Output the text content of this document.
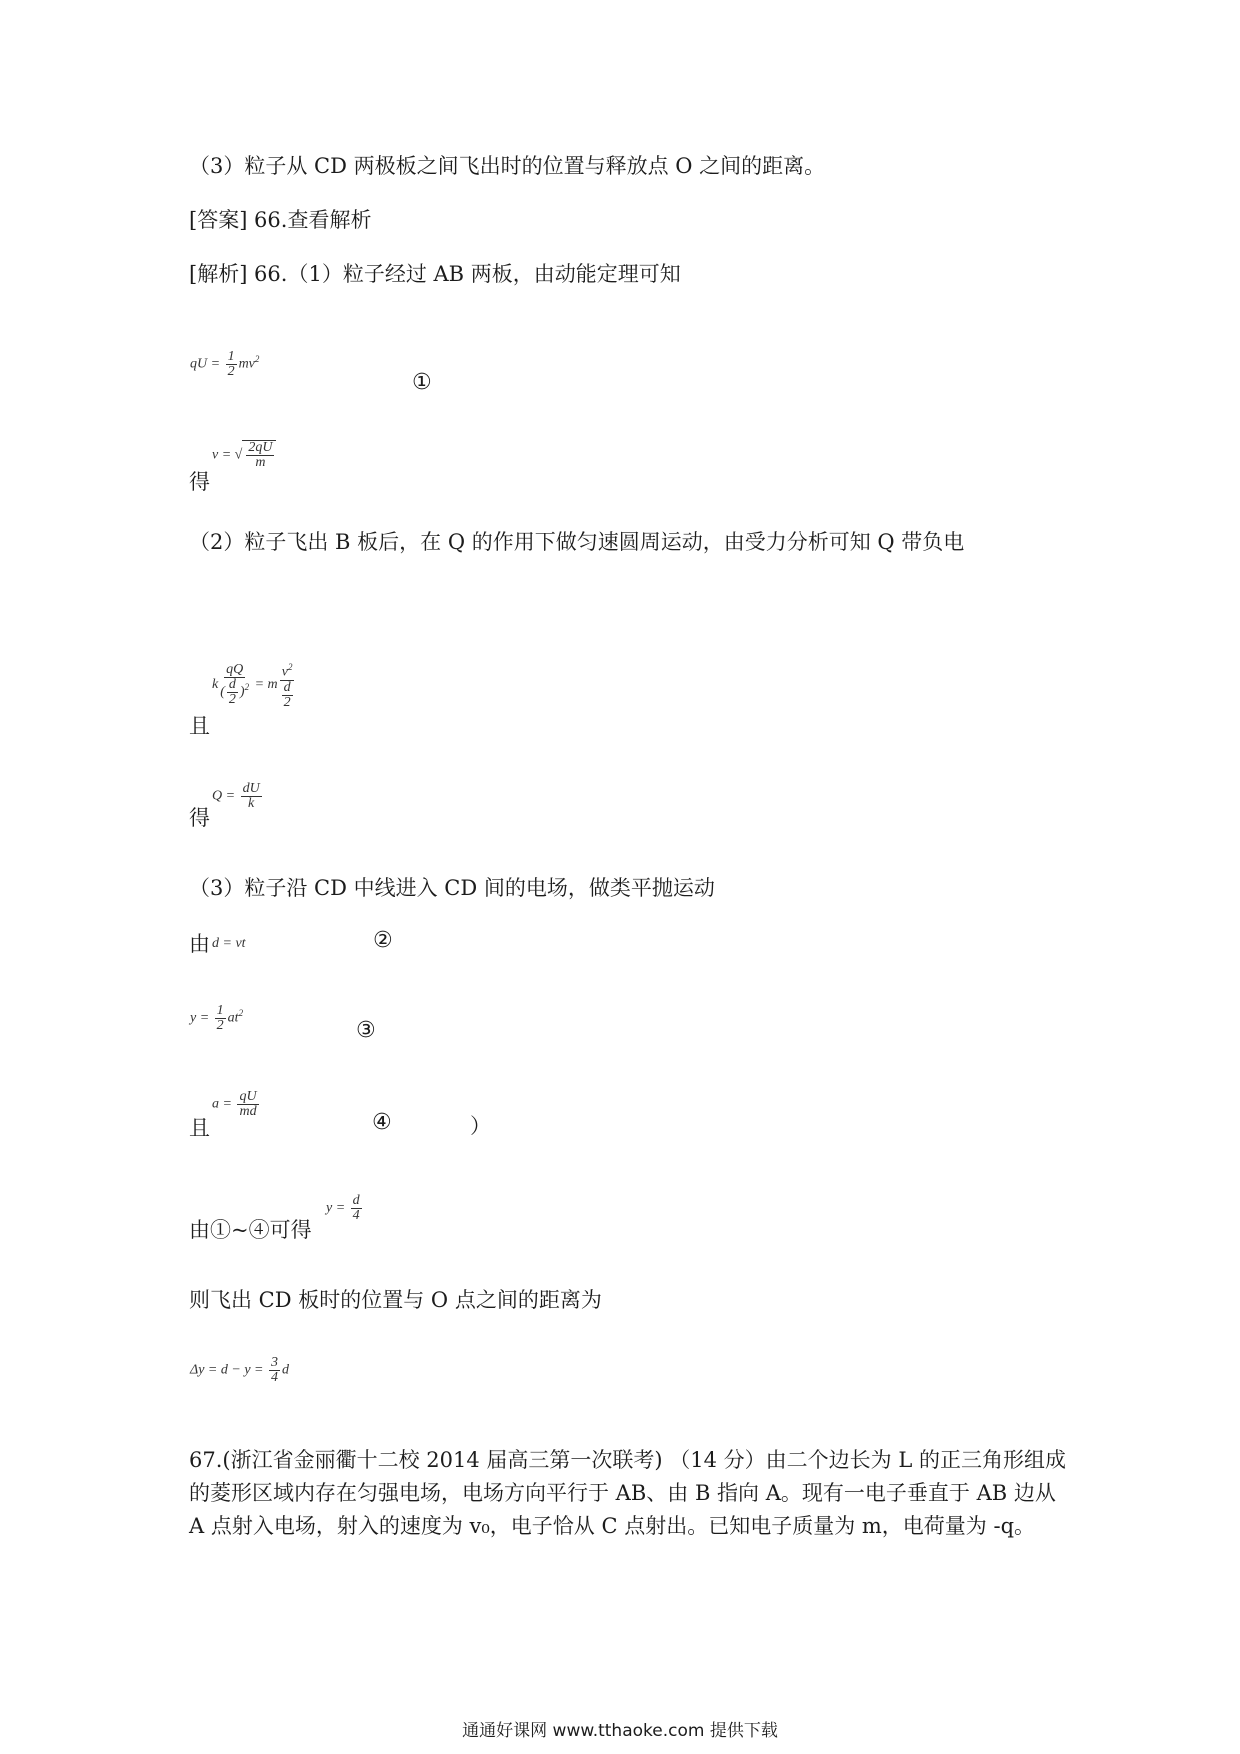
（3）粒子从 CD 两极板之间飞出时的位置与释放点 O 之间的距离。
[答案] 66.查看解析
[解析] 66.（1）粒子经过 AB 两板，由动能定理可知
qU = $\frac{1}{2} mv^2$
①
得
v = √ $\frac{2qU}{m}$
（2）粒子飞出 B 板后，在 Q 的作用下做匀速圆周运动，由受力分析可知 Q 带负电
且
k $\frac{qQ}{( \frac{d}{2} )^2} = m \frac{v^2}{\frac{d}{2}}$
得
$Q = \frac{dU}{k}$
（3）粒子沿 CD 中线进入 CD 间的电场，做类平抛运动
由 d = vt	②
$y = \frac{1}{2} at^2$
③
且
$a = \frac{qU}{md}$
④	）
由①~④可得
$y = \frac{d}{4}$
则飞出 CD 板时的位置与 O 点之间的距离为
$\Delta y = d - y = \frac{3}{4}$ d
67.(浙江省金丽衢十二校 2014 届高三第一次联考) （14 分）由二个边长为 L 的正三角形组成的菱形区域内存在匀强电场，电场方向平行于 AB、由 B 指向 A。现有一电子垂直于 AB 边从 A 点射入电场，射入的速度为 v₀，电子恰从 C 点射出。已知电子质量为 m，电荷量为 -q。
通通好课网 www.tthaoke.com 提供下载
